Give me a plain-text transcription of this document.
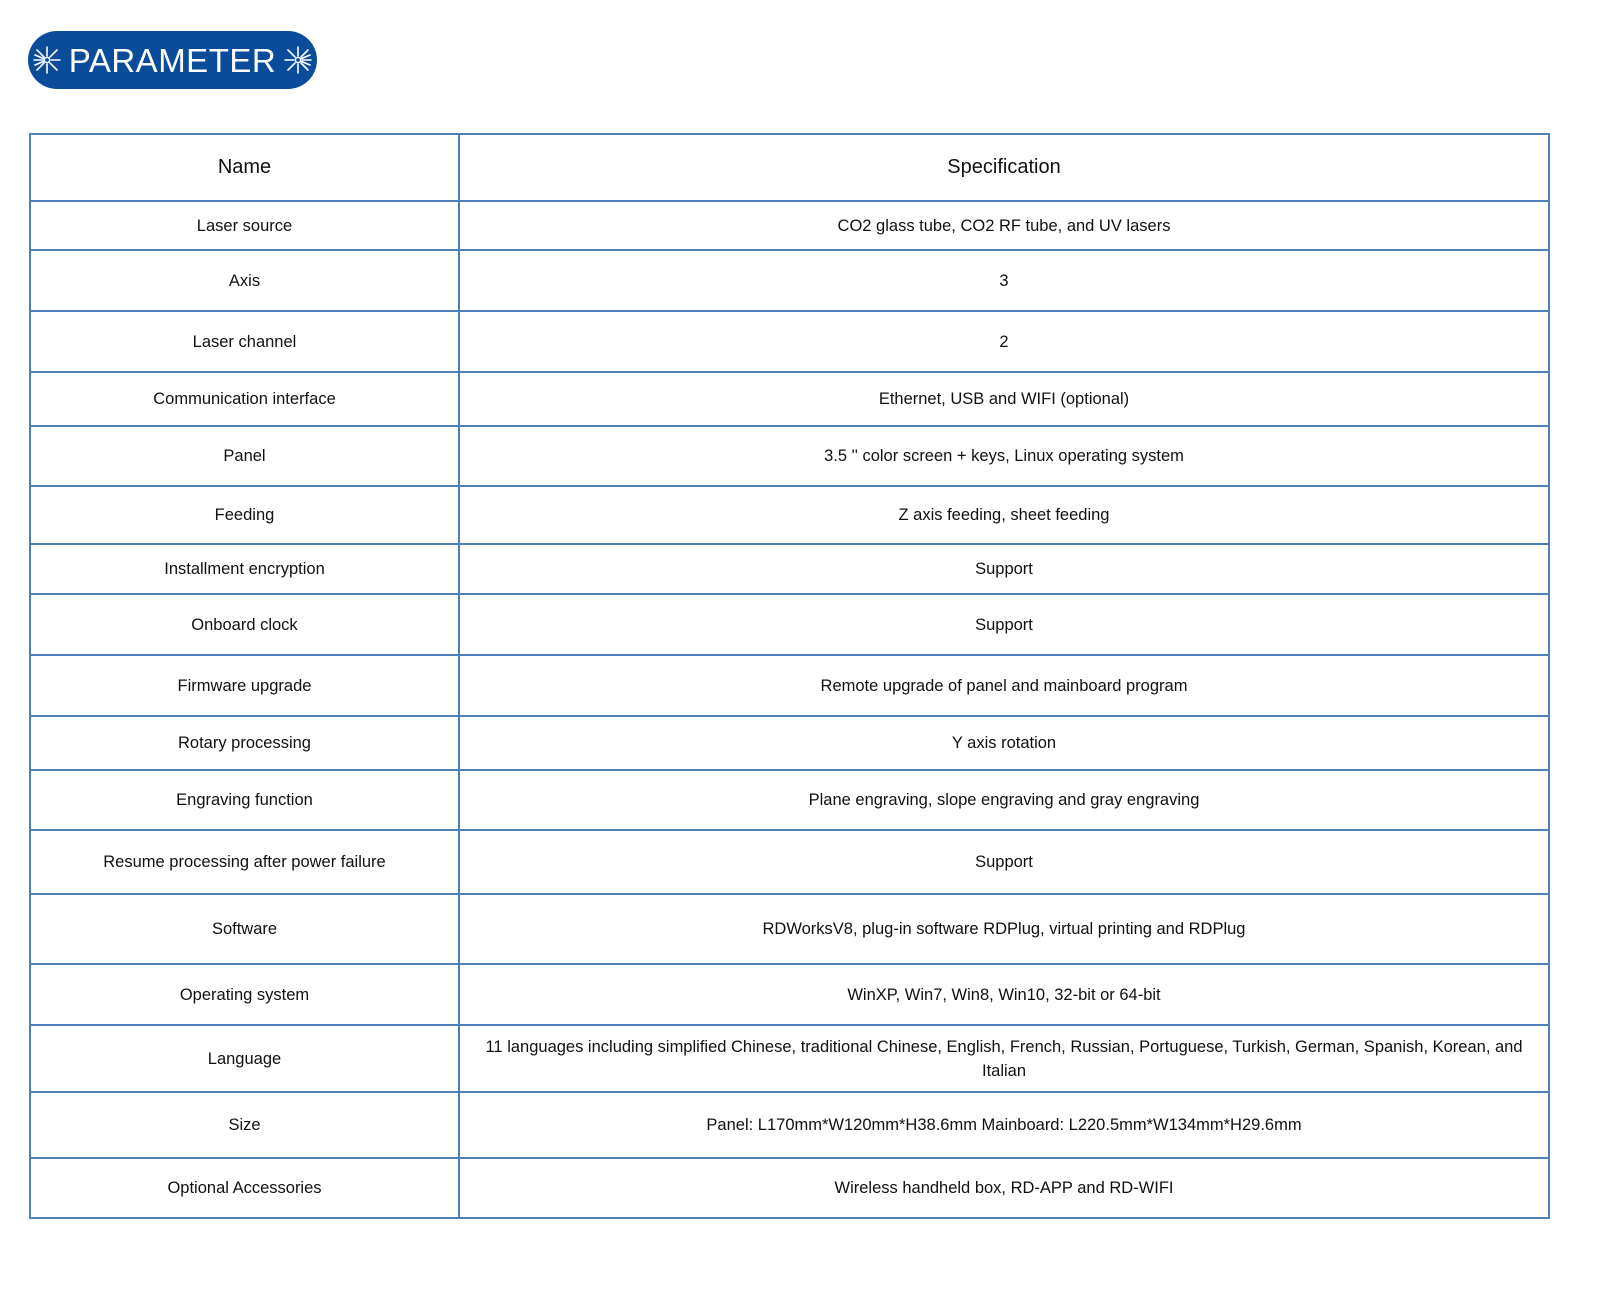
PARAMETER
Name	Specification
Laser source	CO2 glass tube, CO2 RF tube, and UV lasers
Axis	3
Laser channel	2
Communication interface	Ethernet, USB and WIFI (optional)
Panel	3.5 '' color screen + keys, Linux operating system
Feeding	Z axis feeding, sheet feeding
Installment encryption	Support
Onboard clock	Support
Firmware upgrade	Remote upgrade of panel and mainboard program
Rotary processing	Y axis rotation
Engraving function	Plane engraving, slope engraving and gray engraving
Resume processing after power failure	Support
Software	RDWorksV8, plug-in software RDPlug, virtual printing and RDPlug
Operating system	WinXP, Win7, Win8, Win10, 32-bit or 64-bit
Language	11 languages including simplified Chinese, traditional Chinese, English, French, Russian, Portuguese, Turkish, German, Spanish, Korean, and Italian
Size	Panel: L170mm*W120mm*H38.6mm Mainboard: L220.5mm*W134mm*H29.6mm
Optional Accessories	Wireless handheld box, RD-APP and RD-WIFI
